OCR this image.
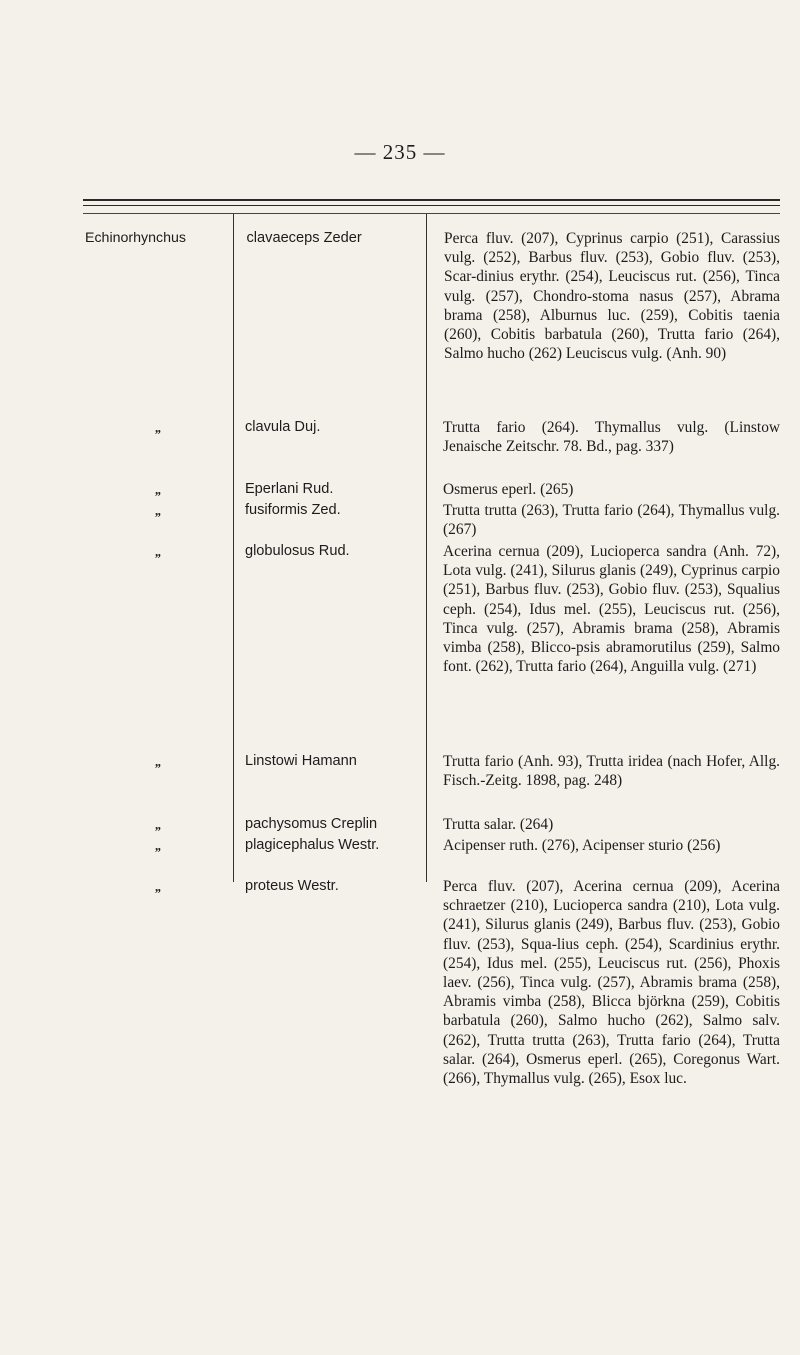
— 235 —
Echinorhynchus	clavaeceps Zeder	Perca fluv. (207), Cyprinus carpio (251), Carassius vulg. (252), Barbus fluv. (253), Gobio fluv. (253), Scar-dinius erythr. (254), Leuciscus rut. (256), Tinca vulg. (257), Chondro-stoma nasus (257), Abrama brama (258), Alburnus luc. (259), Cobitis taenia (260), Cobitis barbatula (260), Trutta fario (264), Salmo hucho (262) Leuciscus vulg. (Anh. 90)
„	clavula Duj.	Trutta fario (264). Thymallus vulg. (Linstow Jenaische Zeitschr. 78. Bd., pag. 337)
„	Eperlani Rud.	Osmerus eperl. (265)
„	fusiformis Zed.	Trutta trutta (263), Trutta fario (264), Thymallus vulg. (267)
„	globulosus Rud.	Acerina cernua (209), Lucioperca sandra (Anh. 72), Lota vulg. (241), Silurus glanis (249), Cyprinus carpio (251), Barbus fluv. (253), Gobio fluv. (253), Squalius ceph. (254), Idus mel. (255), Leuciscus rut. (256), Tinca vulg. (257), Abramis brama (258), Abramis vimba (258), Blicco-psis abramorutilus (259), Salmo font. (262), Trutta fario (264), Anguilla vulg. (271)
„	Linstowi Hamann	Trutta fario (Anh. 93), Trutta iridea (nach Hofer, Allg. Fisch.-Zeitg. 1898, pag. 248)
„	pachysomus Creplin	Trutta salar. (264)
„	plagicephalus Westr.	Acipenser ruth. (276), Acipenser sturio (256)
„	proteus Westr.	Perca fluv. (207), Acerina cernua (209), Acerina schraetzer (210), Lucioperca sandra (210), Lota vulg. (241), Silurus glanis (249), Barbus fluv. (253), Gobio fluv. (253), Squa-lius ceph. (254), Scardinius erythr. (254), Idus mel. (255), Leuciscus rut. (256), Phoxis laev. (256), Tinca vulg. (257), Abramis brama (258), Abramis vimba (258), Blicca björkna (259), Cobitis barbatula (260), Salmo hucho (262), Salmo salv. (262), Trutta trutta (263), Trutta fario (264), Trutta salar. (264), Osmerus eperl. (265), Coregonus Wart. (266), Thymallus vulg. (265), Esox luc.
